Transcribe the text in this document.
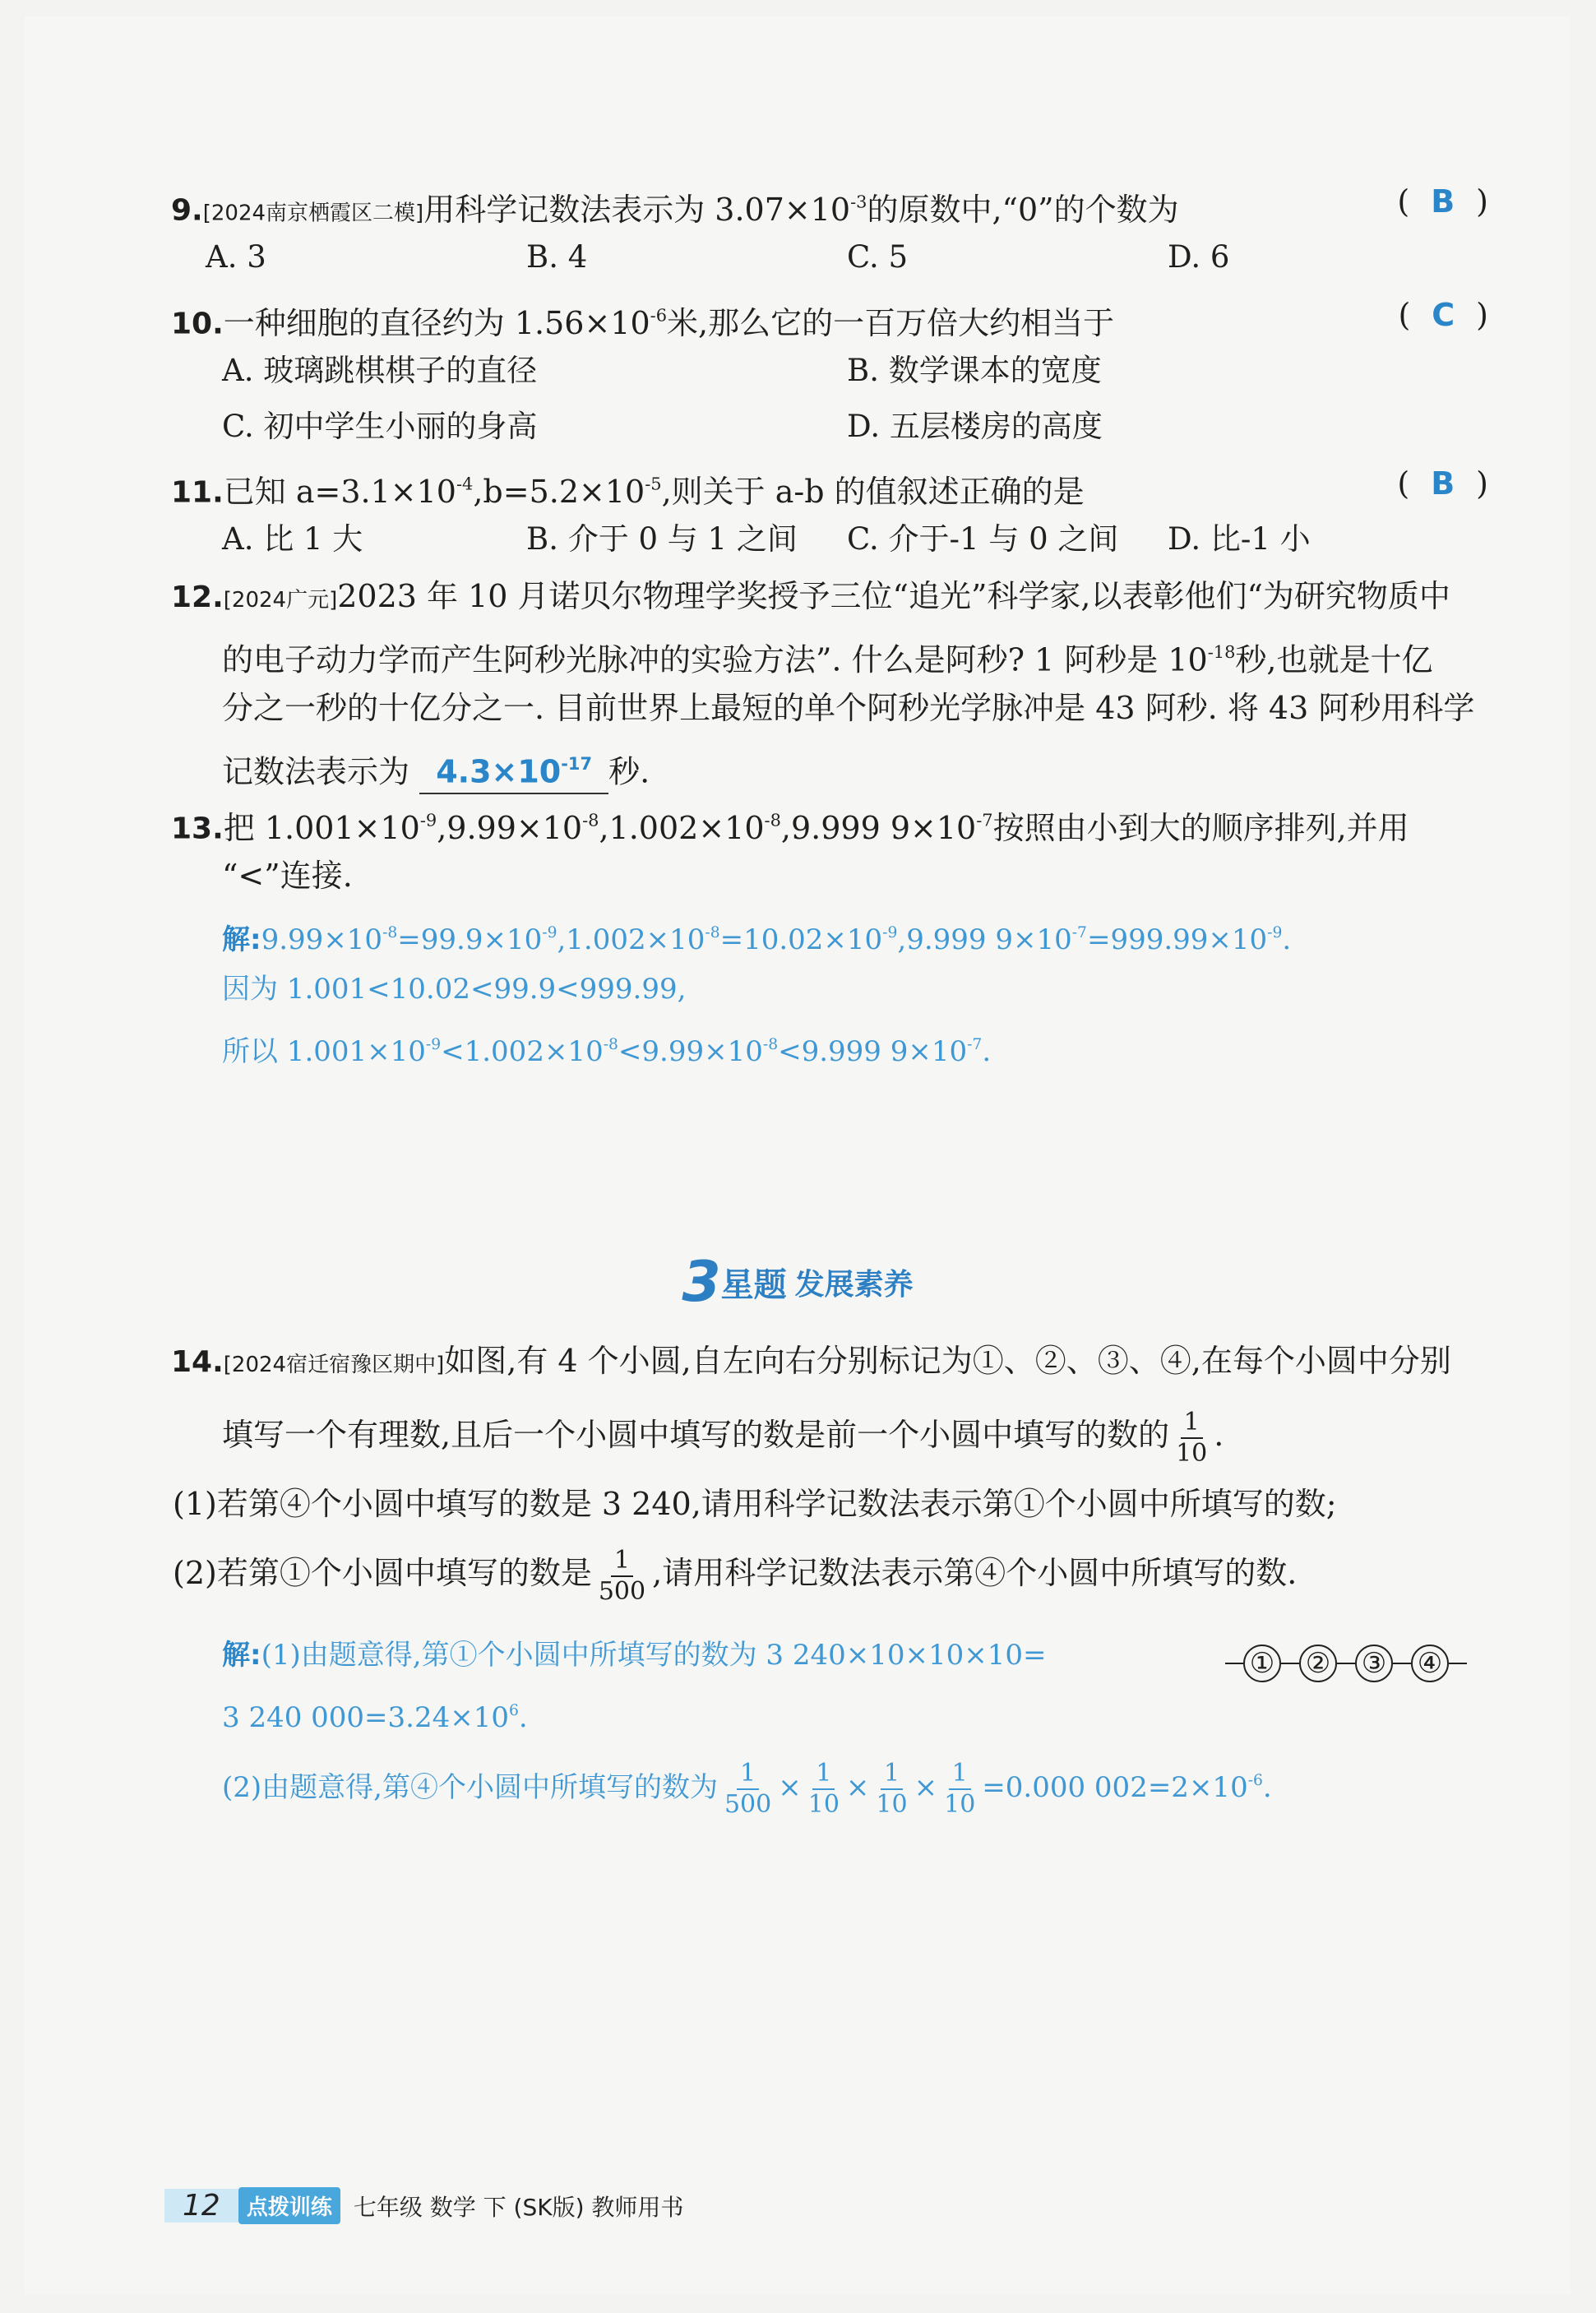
9.[2024南京栖霞区二模]用科学记数法表示为 $3.07\times 10^{-3}$的原数中,“0”的个数为	( B )
A. 3	B. 4	C. 5	D. 6
10.一种细胞的直径约为 $1.56\times 10^{-6}$米,那么它的一百万倍大约相当于	( C )
A. 玻璃跳棋棋子的直径	B. 数学课本的宽度
C. 初中学生小丽的身高	D. 五层楼房的高度
11.已知 $a=3.1\times 10^{-4},b=5.2\times 10^{-5}$,则关于 a-b 的值叙述正确的是	( B )
A. 比 1 大	B. 介于 0 与 1 之间 C. 介于-1 与 0 之间 D. 比-1 小
12.[2024广元]2023 年 10 月诺贝尔物理学奖授予三位“追光”科学家,以表彰他们“为研究物质中
的电子动力学而产生阿秒光脉冲的实验方法”. 什么是阿秒? 1 阿秒是 $10^{-18}$秒,也就是十亿
分之一秒的十亿分之一. 目前世界上最短的单个阿秒光学脉冲是 43 阿秒. 将 43 阿秒用科学
记数法表示为 $4.3\times 10^{-17}$ 秒.
13.把 $1.001\times 10^{-9},9.99\times 10^{-8},1.002\times 10^{-8},9.999$ $9\times 10^{-7}$按照由小到大的顺序排列,并用
“<”连接.
解$:9.99\times 10^{-8}=99.9\times 10^{-9},1.002\times 10^{-8}=10.02\times 10^{-9},9.999$ $9\times 10^{-7}=999.99\times 10^{-9}$.
因为 1.001<10.02<99.9<999.99,
所以 $1.001\times 10^{-9}<1.002\times 10^{-8}<9.99\times 10^{-8}<9.999$ $9\times 10^{-7}$.
3星题 发展素养
14.[2024宿迁宿豫区期中]如图,有 4 个小圆,自左向右分别标记为①、②、③、④,在每个小圆中分别
填写一个有理数,且后一个小圆中填写的数是前一个小圆中填写的数的 $\frac{1}{10}$ .
(1)若第④个小圆中填写的数是 3 240,请用科学记数法表示第①个小圆中所填写的数;
(2)若第①个小圆中填写的数是 $\frac{1}{500}$ ,请用科学记数法表示第④个小圆中所填写的数.
解:(1)由题意得,第①个小圆中所填写的数为 3 240×10×10×10=
3 240 $000=3.24\times 10^6$.
(2)由题意得,第④个小圆中所填写的数为 $\frac{1}{500} \times \frac{1}{10} \times \frac{1}{10} \times \frac{1}{10} =0.000$ $002=2\times 10^{-6}$.
① ② ③ ④
12	点拨训练 七年级 数学 下 (SK版) 教师用书
